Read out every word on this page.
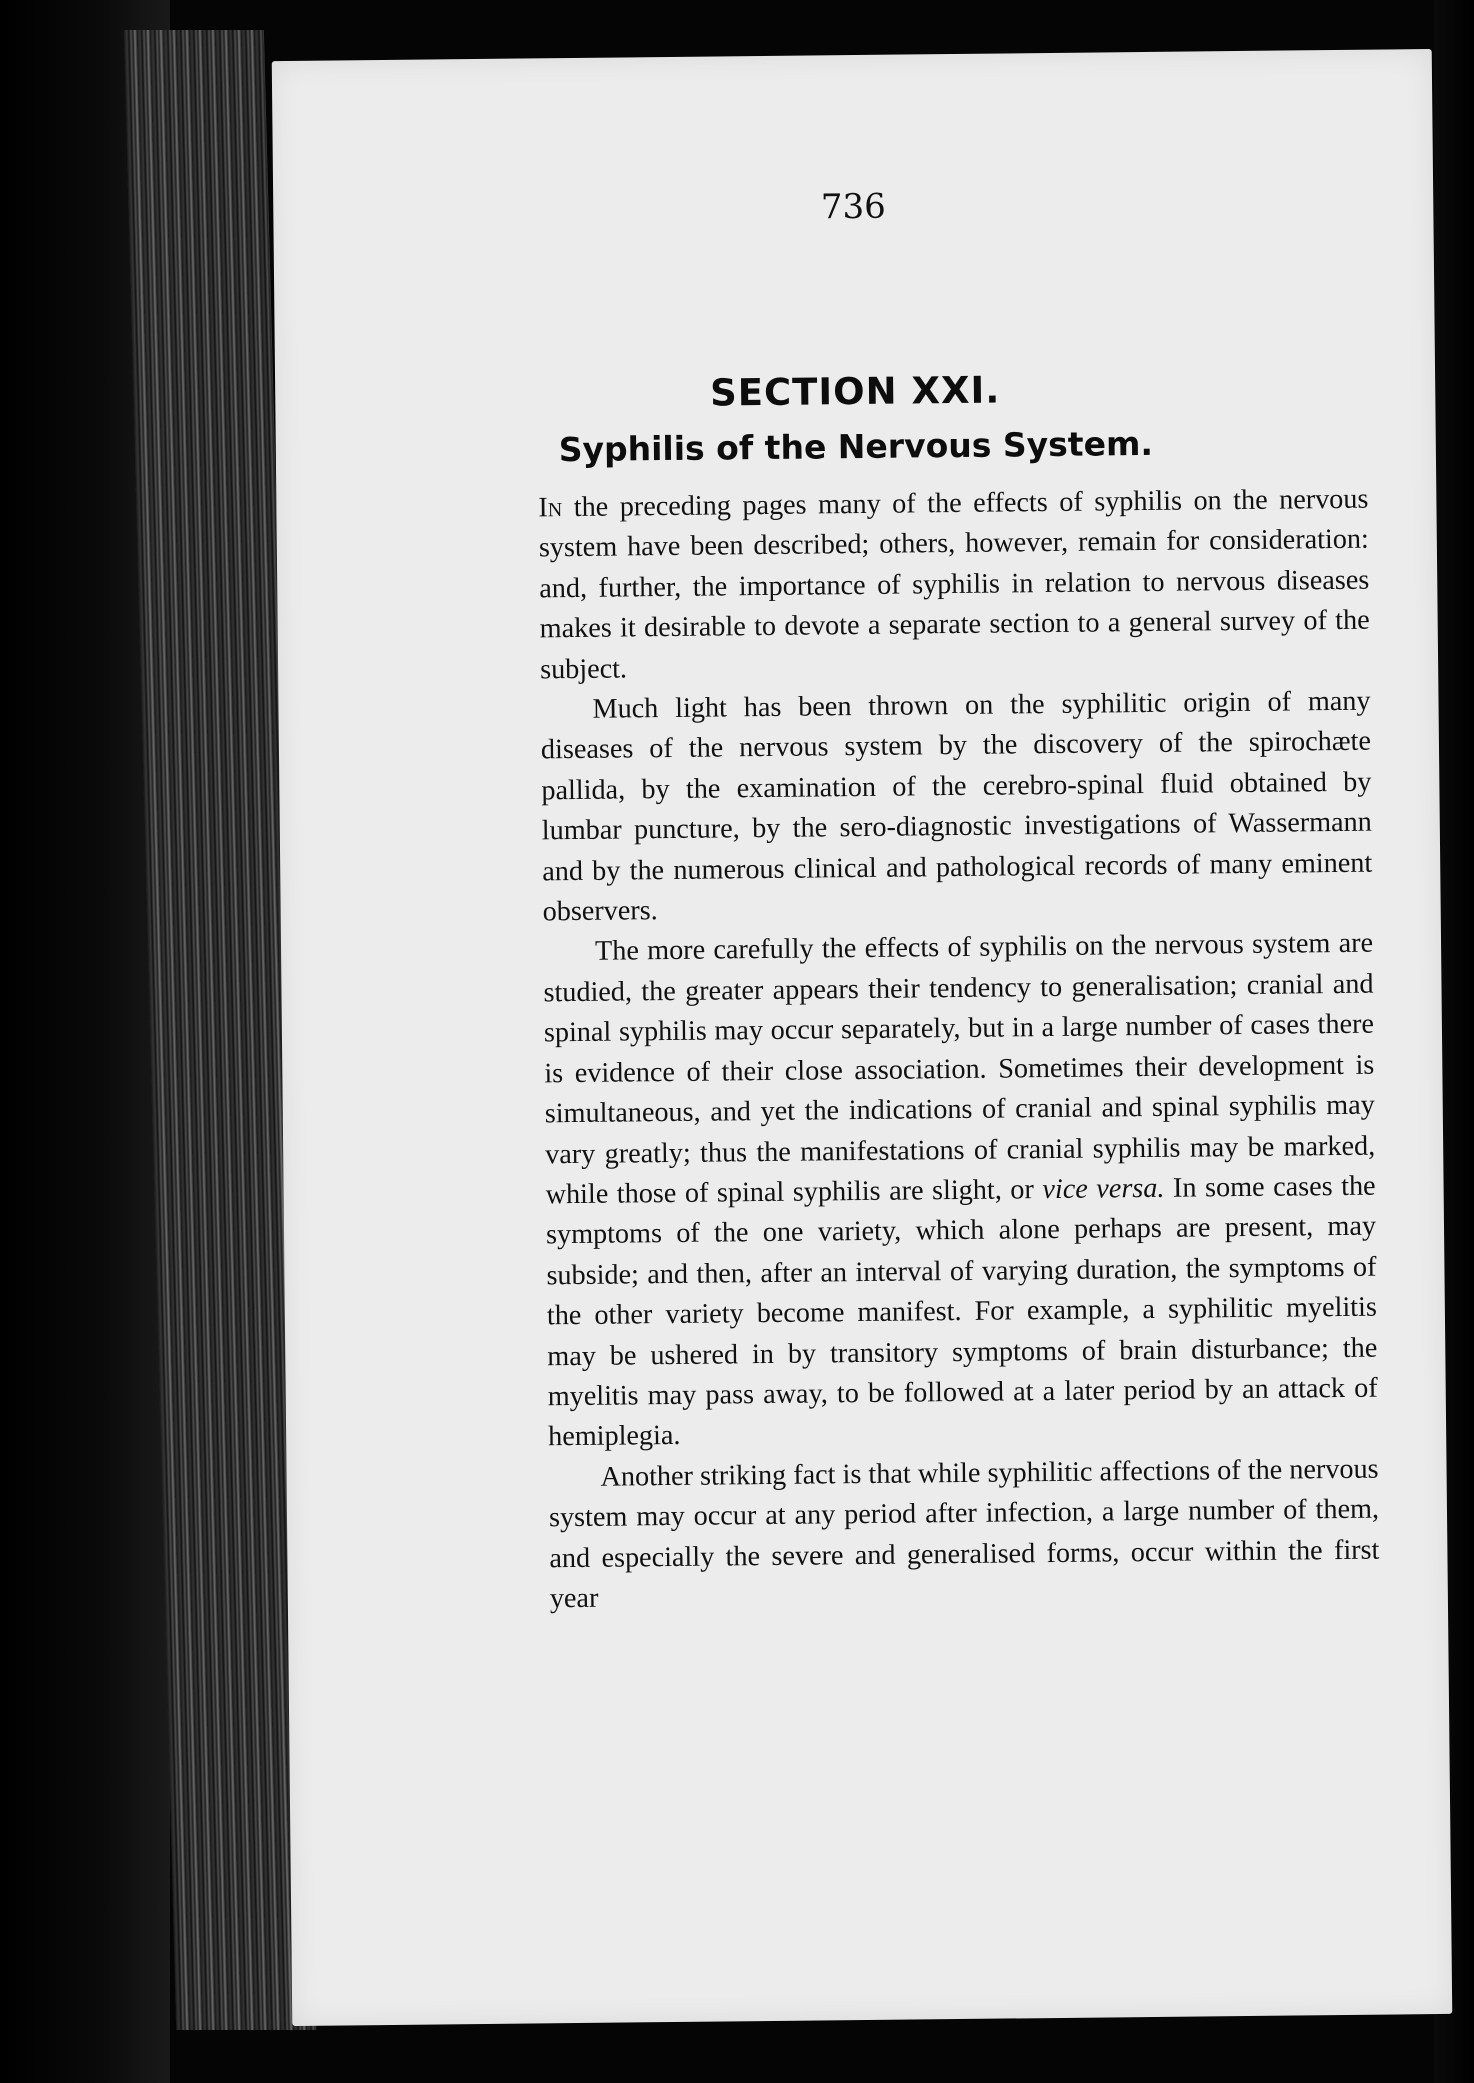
736
SECTION XXI.
Syphilis of the Nervous System.

In the preceding pages many of the effects of syphilis on the nervous system have been described; others, however, remain for consideration: and, further, the importance of syphilis in relation to nervous diseases makes it desirable to devote a separate section to a general survey of the subject.

Much light has been thrown on the syphilitic origin of many diseases of the nervous system by the discovery of the spirochæte pallida, by the examination of the cerebro-spinal fluid obtained by lumbar puncture, by the sero-diagnostic investigations of Wassermann and by the numerous clinical and pathological records of many eminent observers.

The more carefully the effects of syphilis on the nervous system are studied, the greater appears their tendency to generalisation; cranial and spinal syphilis may occur separately, but in a large number of cases there is evidence of their close association. Sometimes their development is simultaneous, and yet the indications of cranial and spinal syphilis may vary greatly; thus the manifestations of cranial syphilis may be marked, while those of spinal syphilis are slight, or vice versa. In some cases the symptoms of the one variety, which alone perhaps are present, may subside; and then, after an interval of varying duration, the symptoms of the other variety become manifest. For example, a syphilitic myelitis may be ushered in by transitory symptoms of brain disturbance; the myelitis may pass away, to be followed at a later period by an attack of hemiplegia.

Another striking fact is that while syphilitic affections of the nervous system may occur at any period after infection, a large number of them, and especially the severe and generalised forms, occur within the first year
